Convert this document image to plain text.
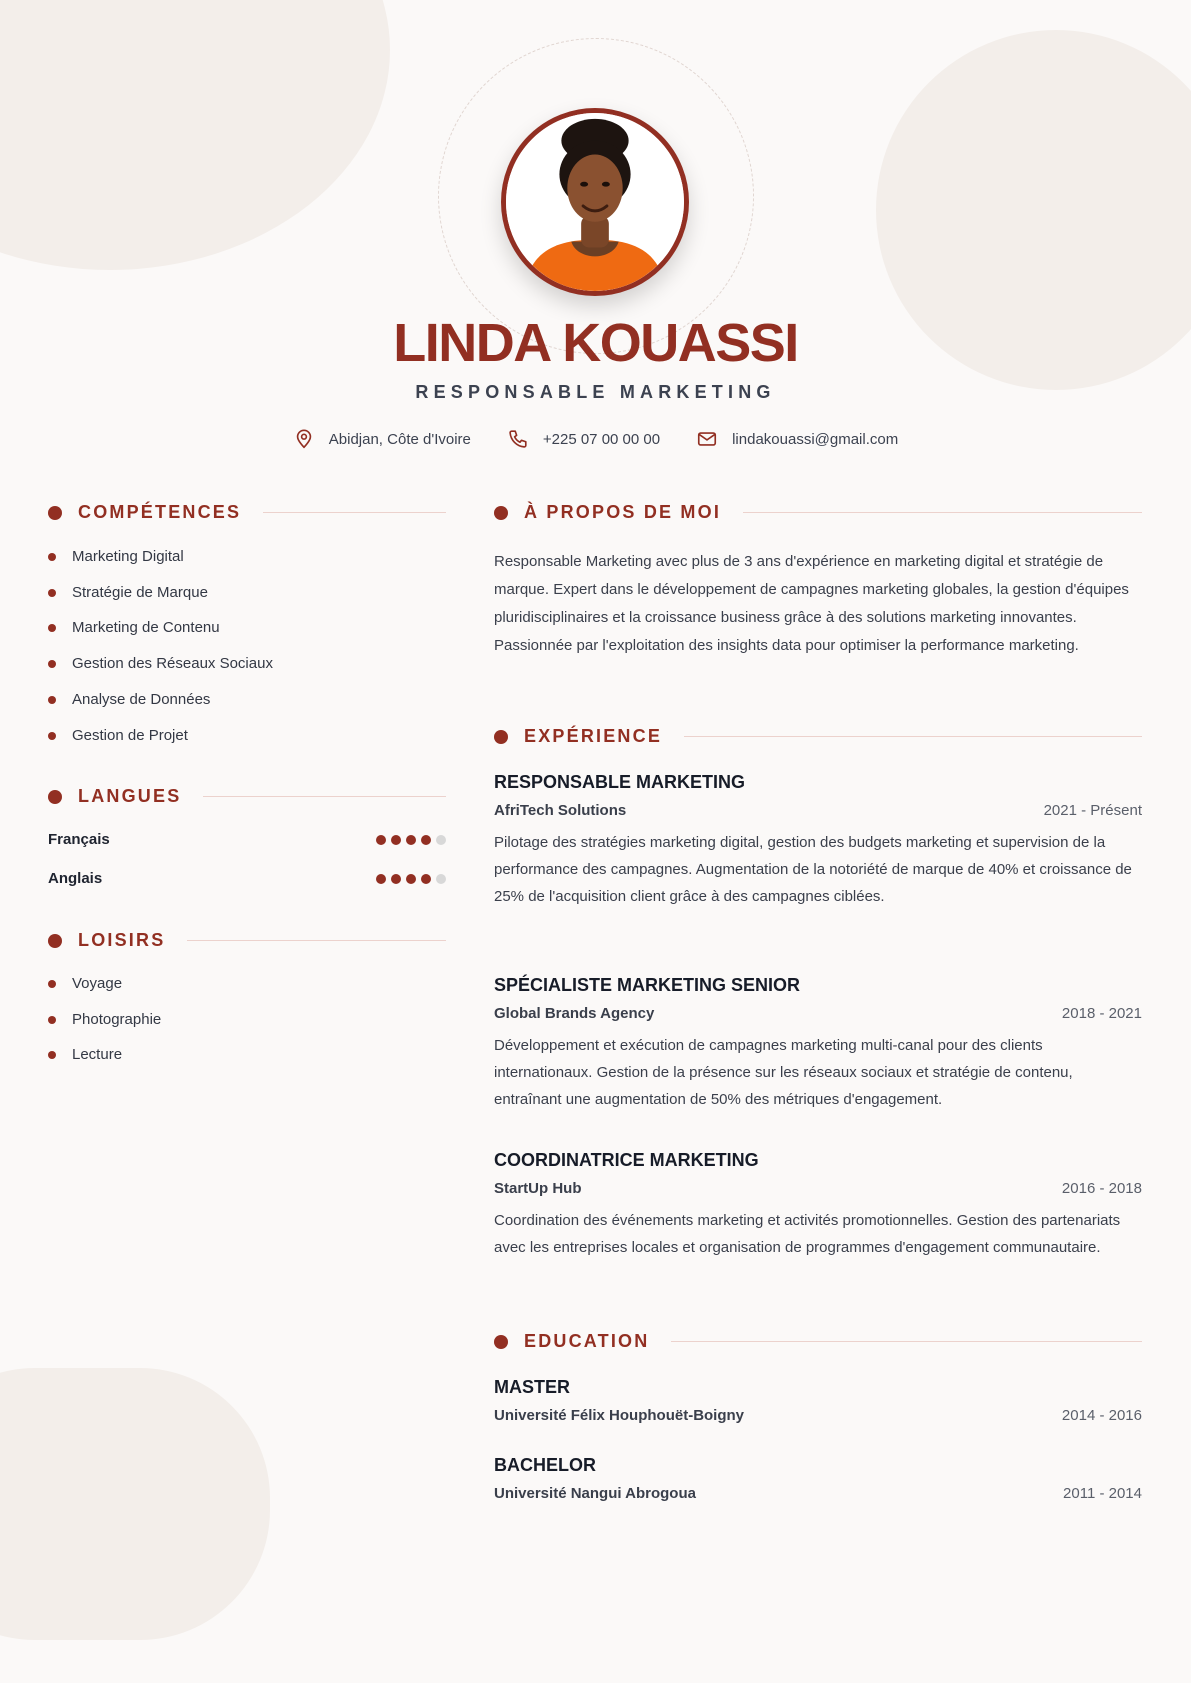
LINDA KOUASSI
RESPONSABLE MARKETING
Abidjan, Côte d'Ivoire	+225 07 00 00 00	lindakouassi@gmail.com
COMPÉTENCES
Marketing Digital
Stratégie de Marque
Marketing de Contenu
Gestion des Réseaux Sociaux
Analyse de Données
Gestion de Projet
LANGUES
Français
Anglais
LOISIRS
Voyage
Photographie
Lecture
À PROPOS DE MOI

Responsable Marketing avec plus de 3 ans d'expérience en marketing digital et stratégie de marque. Expert dans le développement de campagnes marketing globales, la gestion d'équipes pluridisciplinaires et la croissance business grâce à des solutions marketing innovantes. Passionnée par l'exploitation des insights data pour optimiser la performance marketing.

EXPÉRIENCE
RESPONSABLE MARKETING
AfriTech Solutions	2021 - Présent

Pilotage des stratégies marketing digital, gestion des budgets marketing et supervision de la performance des campagnes. Augmentation de la notoriété de marque de 40% et croissance de 25% de l'acquisition client grâce à des campagnes ciblées.

SPÉCIALISTE MARKETING SENIOR
Global Brands Agency	2018 - 2021

Développement et exécution de campagnes marketing multi-canal pour des clients internationaux. Gestion de la présence sur les réseaux sociaux et stratégie de contenu, entraînant une augmentation de 50% des métriques d'engagement.

COORDINATRICE MARKETING
StartUp Hub	2016 - 2018

Coordination des événements marketing et activités promotionnelles. Gestion des partenariats avec les entreprises locales et organisation de programmes d'engagement communautaire.

EDUCATION
MASTER
Université Félix Houphouët-Boigny	2014 - 2016
BACHELOR
Université Nangui Abrogoua	2011 - 2014
